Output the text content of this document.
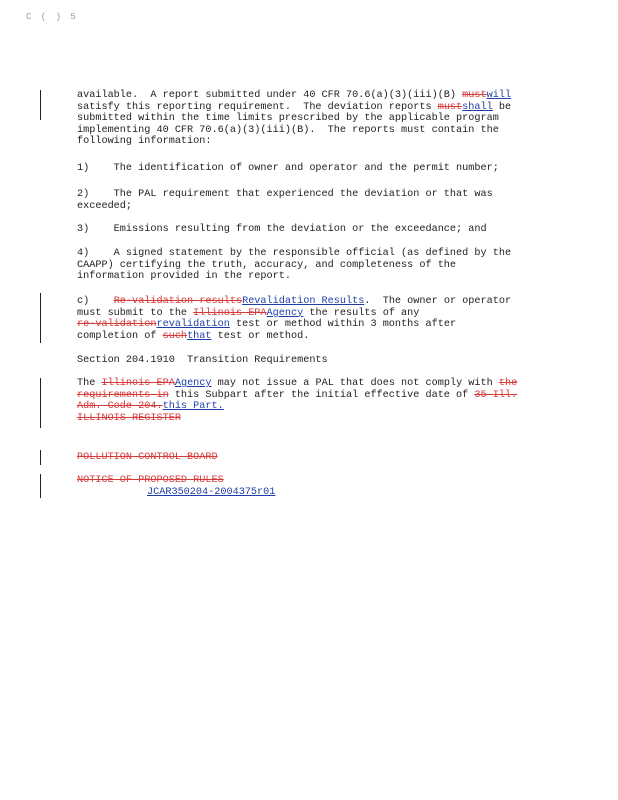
C ( ) 5

available.  A report submitted under 40 CFR 70.6(a)(3)(iii)(B) mustwill
satisfy this reporting requirement.  The deviation reports mustshall be
submitted within the time limits prescribed by the applicable program
implementing 40 CFR 70.6(a)(3)(iii)(B).  The reports must contain the
following information:

1)    The identification of owner and operator and the permit number;

2)    The PAL requirement that experienced the deviation or that was
exceeded;

3)    Emissions resulting from the deviation or the exceedance; and

4)    A signed statement by the responsible official (as defined by the
CAAPP) certifying the truth, accuracy, and completeness of the
information provided in the report.

c)    Re-validation resultsRevalidation Results.  The owner or operator
must submit to the Illinois EPAAgency the results of any
re-validationrevalidation test or method within 3 months after
completion of suchthat test or method.

Section 204.1910  Transition Requirements

The Illinois EPAAgency may not issue a PAL that does not comply with the
requirements in this Subpart after the initial effective date of 35 Ill.
Adm. Code 204.this Part.
ILLINOIS REGISTER

POLLUTION CONTROL BOARD

NOTICE OF PROPOSED RULES

JCAR350204-2004375r01
